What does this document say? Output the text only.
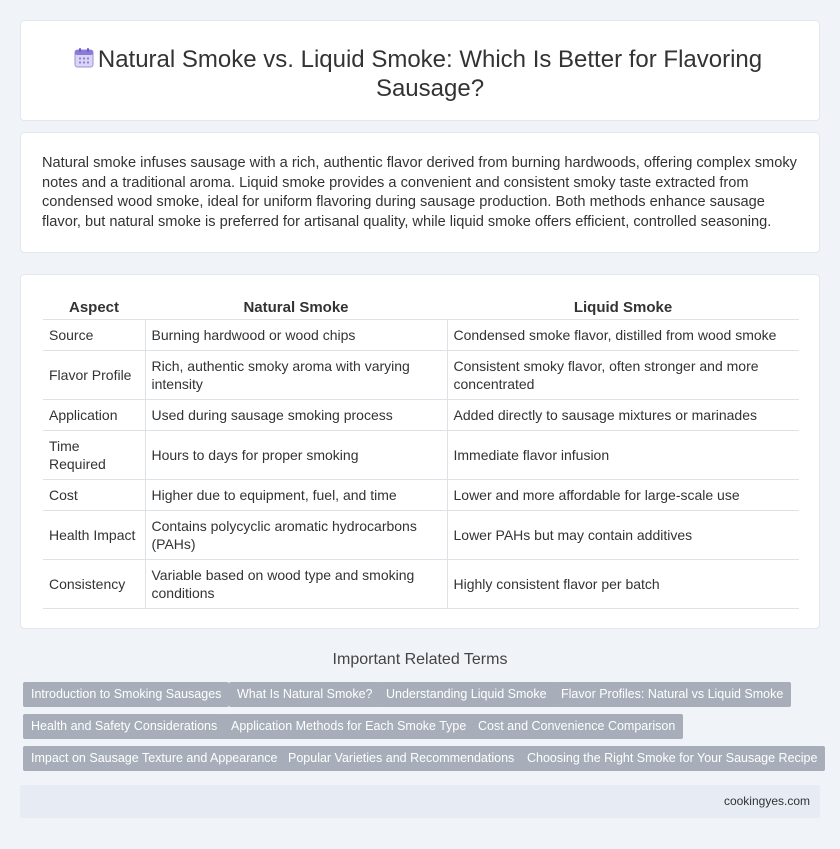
Natural Smoke vs. Liquid Smoke: Which Is Better for Flavoring Sausage?

Natural smoke infuses sausage with a rich, authentic flavor derived from burning hardwoods, offering complex smoky notes and a traditional aroma. Liquid smoke provides a convenient and consistent smoky taste extracted from condensed wood smoke, ideal for uniform flavoring during sausage production. Both methods enhance sausage flavor, but natural smoke is preferred for artisanal quality, while liquid smoke offers efficient, controlled seasoning.

Aspect	Natural Smoke	Liquid Smoke
Source	Burning hardwood or wood chips	Condensed smoke flavor, distilled from wood smoke
Flavor Profile	Rich, authentic smoky aroma with varying intensity	Consistent smoky flavor, often stronger and more concentrated
Application	Used during sausage smoking process	Added directly to sausage mixtures or marinades
Time Required	Hours to days for proper smoking	Immediate flavor infusion
Cost	Higher due to equipment, fuel, and time	Lower and more affordable for large-scale use
Health Impact	Contains polycyclic aromatic hydrocarbons (PAHs)	Lower PAHs but may contain additives
Consistency	Variable based on wood type and smoking conditions	Highly consistent flavor per batch
Important Related Terms
Introduction to Smoking Sausages	What Is Natural Smoke?	Understanding Liquid Smoke	Flavor Profiles: Natural vs Liquid Smoke
Health and Safety Considerations	Application Methods for Each Smoke Type Cost and Convenience Comparison
Impact on Sausage Texture and Appearance Popular Varieties and Recommendations	Choosing the Right Smoke for Your Sausage Recipe
cookingyes.com
